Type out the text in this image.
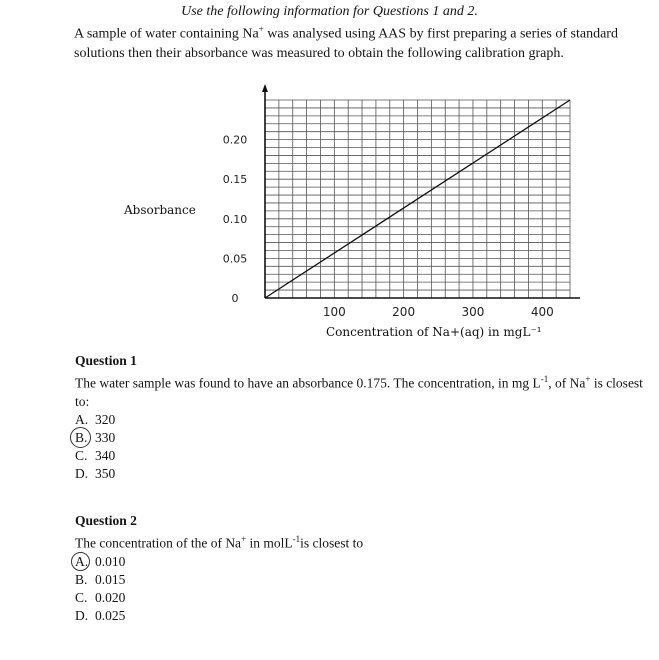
Use the following information for Questions 1 and 2.
A sample of water containing Na+ was analysed using AAS by first preparing a series of standard solutions then their absorbance was measured to obtain the following calibration graph.
0
0.05
0.10
0.15
0.20
100	200	300	400
Absorbance
Concentration of Na+(aq) in mgL⁻¹
Question 1
The water sample was found to have an absorbance 0.175. The concentration, in mg $L^{-1}$, of Na+ is closest to:
A. 320
B. 330
C. 340
D. 350
Question 2
The concentration of the of Na+ in molL$^{-1}$is closest to
A. 0.010
B. 0.015
C. 0.020
D. 0.025
